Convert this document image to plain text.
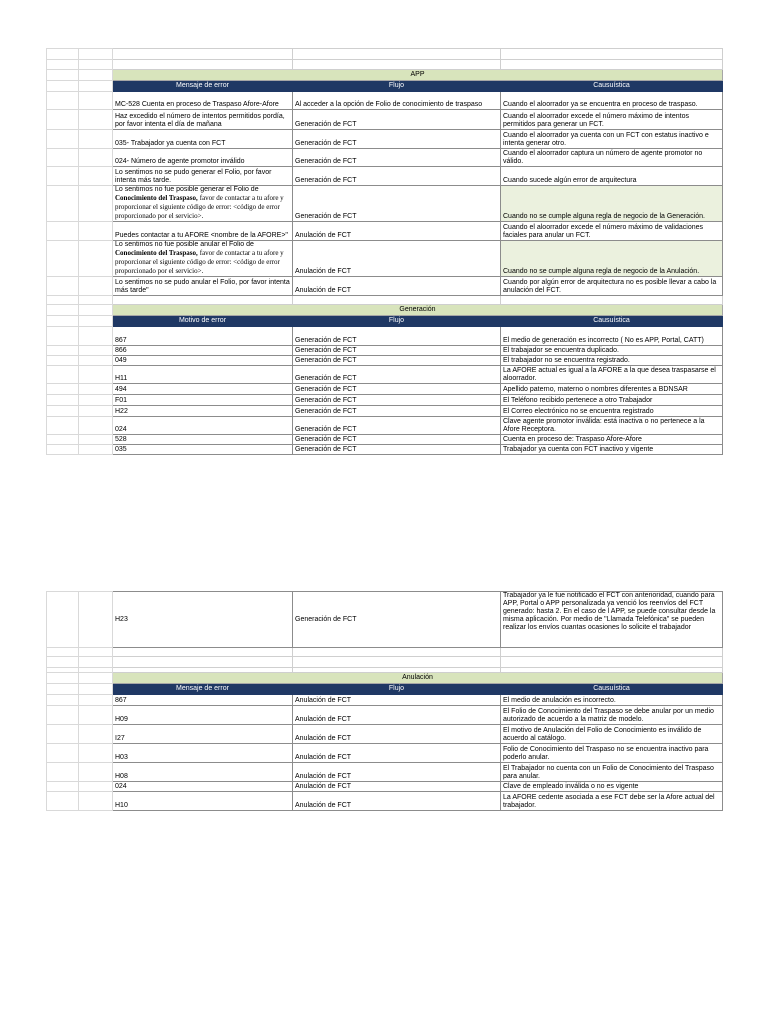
		APP		
		Mensaje de error	Flujo	Causuística
		MC-528 Cuenta en proceso de Traspaso Afore-Afore	Al acceder a la opción de Folio de conocimiento de traspaso	Cuando el aloorrador ya se encuentra en proceso de traspaso.
		Haz excedido el número de intentos permitidos pordía, por favor intenta el día de mañana	Generación de FCT	Cuando el aloorrador excede el número máximo de intentos permitidos para generar un FCT.
		035- Trabajador ya cuenta con FCT	Generación de FCT	Cuando el aloorrador ya cuenta con un FCT con estatus inactivo e intenta generar otro.
		024- Número de agente promotor inválido	Generación de FCT	Cuando el aloorrador captura un número de agente promotor no válido.
		Lo sentimos no se pudo generar el Folio, por favor intenta más tarde.	Generación de FCT	Cuando sucede algún error de arquitectura
		Lo sentimos no fue posible generar el Folio de Conocimiento del Traspaso, favor de contactar a tu afore y proporcionar el siguiente código de error: <código de error proporcionado por el servicio>.	Generación de FCT	Cuando no se cumple alguna regla de negocio de la Generación.
		Puedes contactar a tu AFORE <nombre de la AFORE>"	Anulación de FCT	Cuando el aloorrador excede el número máximo de validaciones faciales para anular un FCT.
		Lo sentimos no fue posible anular el Folio de Conocimiento del Traspaso, favor de contactar a tu afore y proporcionar el siguiente código de error: <código de error proporcionado por el servicio>.	Anulación de FCT	Cuando no se cumple alguna regla de negocio de la Anulación.
		Lo sentimos no se pudo anular el Folio, por favor intenta más tarde"	Anulación de FCT	Cuando por algún error de arquitectura no es posible llevar a cabo la anulación del FCT.

		Generación		
		Motivo de error	Flujo	Causuística
		867	Generación de FCT	El medio de generación es incorrecto ( No es APP, Portal, CATT)
		866	Generación de FCT	El trabajador se encuentra duplicado.
		049	Generación de FCT	El trabajador no se encuentra registrado.
		H11	Generación de FCT	La AFORE actual es igual a la AFORE a la que desea traspasarse el aloorrador.
		494	Generación de FCT	Apellido paterno, materno o nombres diferentes a BDNSAR
		F01	Generación de FCT	El Teléfono recibido pertenece a otro Trabajador
		H22	Generación de FCT	El Correo electrónico no se encuentra registrado
		024	Generación de FCT	Clave agente promotor inválida: está inactiva o no pertenece a la Afore Receptora.
		528	Generación de FCT	Cuenta en proceso de: Traspaso Afore-Afore
		035	Generación de FCT	Trabajador ya cuenta con FCT inactivo y vigente
		H23	Generación de FCT	Trabajador ya le fue notificado el FCT con anterioridad, cuando para APP, Portal o APP personalizada ya venció los reenvíos del FCT generado: hasta 2. En el caso de l APP, se puede consultar desde la misma aplicación. Por medio de "Llamada Telefónica" se pueden realizar los envíos cuantas ocasiones lo solicite el trabajador

		Anulación		
		Mensaje de error	Flujo	Causuística
		867	Anulación de FCT	El medio de anulación es incorrecto.
		H09	Anulación de FCT	El Folio de Conocimiento del Traspaso se debe anular por un medio autorizado de acuerdo a la matriz de modelo.
		I27	Anulación de FCT	El motivo de Anulación del Folio de Conocimiento es inválido de acuerdo al catálogo.
		H03	Anulación de FCT	Folio de Conocimiento del Traspaso no se encuentra inactivo para poderlo anular.
		H08	Anulación de FCT	El Trabajador no cuenta con un Folio de Conocimiento del Traspaso para anular.
		024	Anulación de FCT	Clave de empleado inválida o no es vigente
		H10	Anulación de FCT	La AFORE cedente asociada a ese FCT debe ser la Afore actual del trabajador.
